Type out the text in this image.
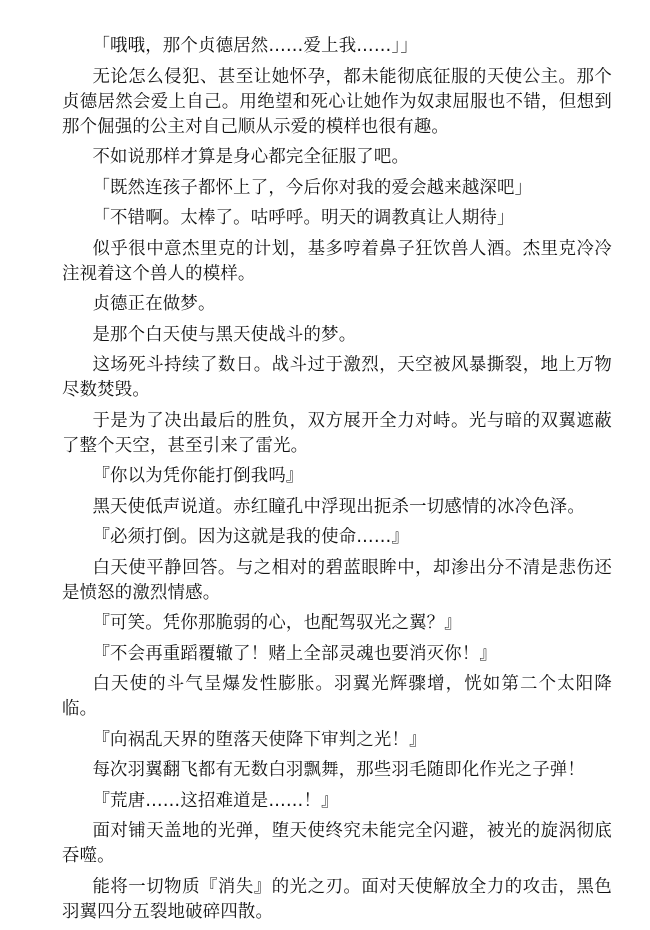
「哦哦，那个贞德居然……爱上我……」」

无论怎么侵犯、甚至让她怀孕，都未能彻底征服的天使公主。那个贞德居然会爱上自己。用绝望和死心让她作为奴隶屈服也不错，但想到那个倔强的公主对自己顺从示爱的模样也很有趣。

不如说那样才算是身心都完全征服了吧。

「既然连孩子都怀上了，今后你对我的爱会越来越深吧」

「不错啊。太棒了。咕呼呼。明天的调教真让人期待」

似乎很中意杰里克的计划，基多哼着鼻子狂饮兽人酒。杰里克冷冷注视着这个兽人的模样。

贞德正在做梦。

是那个白天使与黑天使战斗的梦。

这场死斗持续了数日。战斗过于激烈，天空被风暴撕裂，地上万物尽数焚毁。

于是为了决出最后的胜负，双方展开全力对峙。光与暗的双翼遮蔽了整个天空，甚至引来了雷光。

『你以为凭你能打倒我吗』

黑天使低声说道。赤红瞳孔中浮现出扼杀一切感情的冰冷色泽。

『必须打倒。因为这就是我的使命……』

白天使平静回答。与之相对的碧蓝眼眸中，却渗出分不清是悲伤还是愤怒的激烈情感。

『可笑。凭你那脆弱的心，也配驾驭光之翼？』

『不会再重蹈覆辙了！赌上全部灵魂也要消灭你！』

白天使的斗气呈爆发性膨胀。羽翼光辉骤增，恍如第二个太阳降临。

『向祸乱天界的堕落天使降下审判之光！』

每次羽翼翻飞都有无数白羽飘舞，那些羽毛随即化作光之子弹！

『荒唐……这招难道是……！』

面对铺天盖地的光弹，堕天使终究未能完全闪避，被光的旋涡彻底吞噬。

能将一切物质『消失』的光之刃。面对天使解放全力的攻击，黑色羽翼四分五裂地破碎四散。
